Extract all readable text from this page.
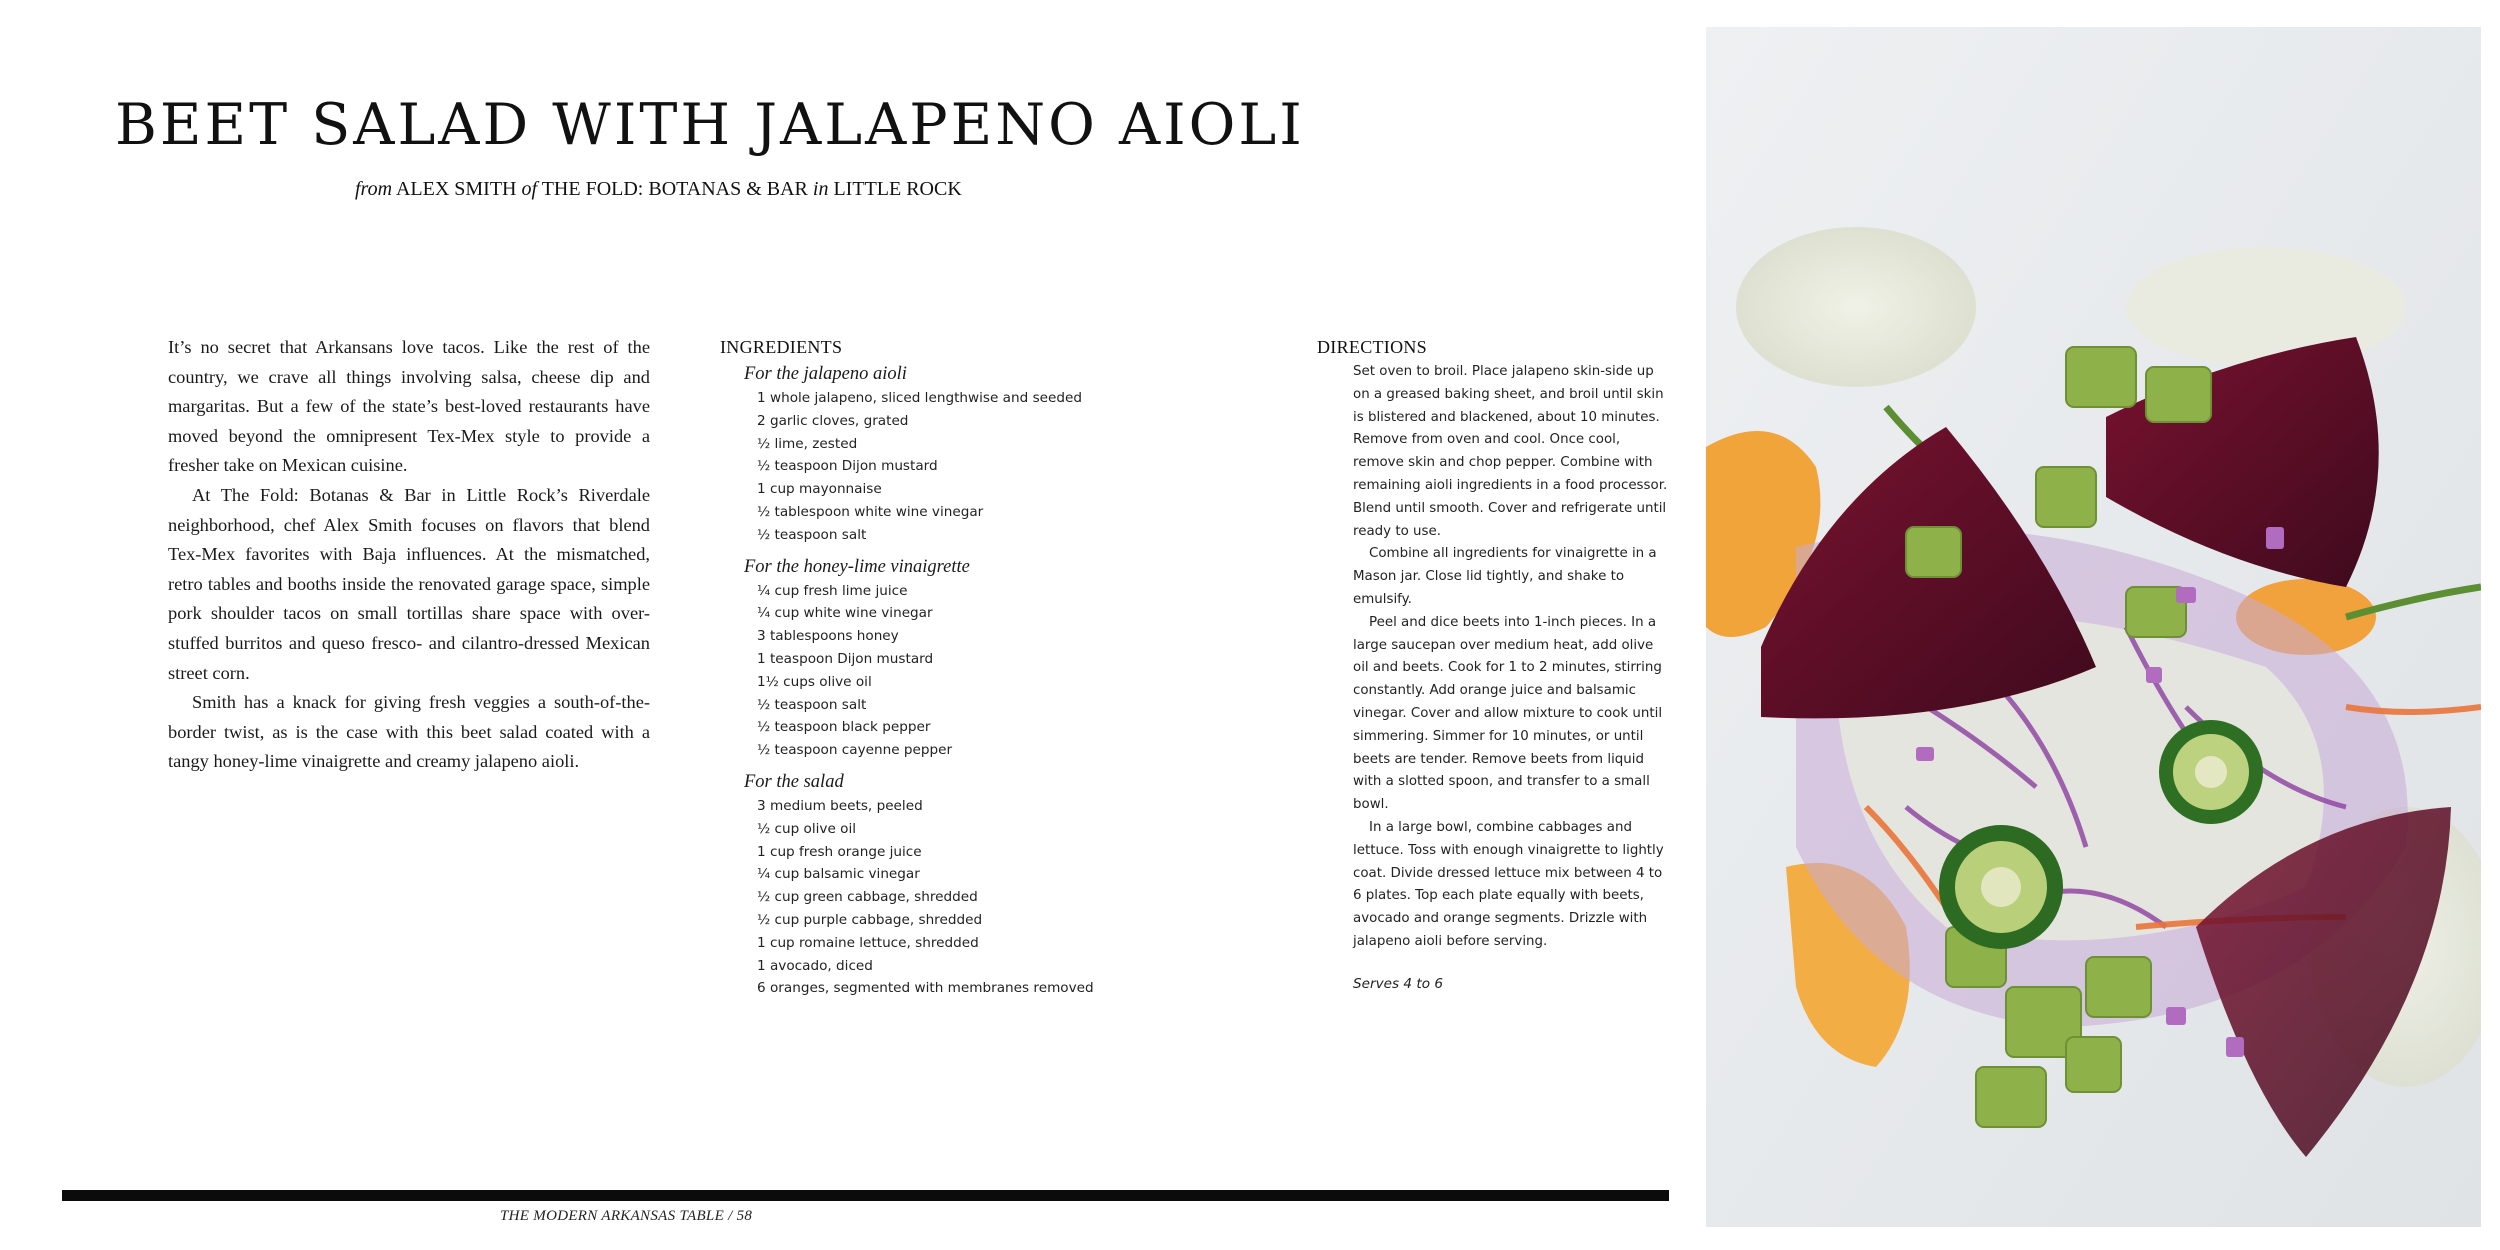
BEET SALAD WITH JALAPENO AIOLI
from ALEX SMITH of THE FOLD: BOTANAS & BAR in LITTLE ROCK

It’s no secret that Arkansans love tacos. Like the rest of the country, we crave all things involving salsa, cheese dip and margaritas. But a few of the state’s best-loved restaurants have moved beyond the omnipresent Tex-Mex style to provide a fresher take on Mexican cuisine.

At The Fold: Botanas & Bar in Little Rock’s Riverdale neighborhood, chef Alex Smith focuses on flavors that blend Tex-Mex favorites with Baja influences. At the mismatched, retro tables and booths inside the renovated garage space, simple pork shoulder tacos on small tortillas share space with over-stuffed burritos and queso fresco- and cilantro-dressed Mexican street corn.

Smith has a knack for giving fresh veggies a south-of-the-border twist, as is the case with this beet salad coated with a tangy honey-lime vinaigrette and creamy jalapeno aioli.

INGREDIENTS
For the jalapeno aioli
1 whole jalapeno, sliced lengthwise and seeded
2 garlic cloves, grated
½ lime, zested
½ teaspoon Dijon mustard
1 cup mayonnaise
½ tablespoon white wine vinegar
½ teaspoon salt
For the honey-lime vinaigrette
¼ cup fresh lime juice
¼ cup white wine vinegar
3 tablespoons honey
1 teaspoon Dijon mustard
1½ cups olive oil
½ teaspoon salt
½ teaspoon black pepper
½ teaspoon cayenne pepper
For the salad
3 medium beets, peeled
½ cup olive oil
1 cup fresh orange juice
¼ cup balsamic vinegar
½ cup green cabbage, shredded
½ cup purple cabbage, shredded
1 cup romaine lettuce, shredded
1 avocado, diced
6 oranges, segmented with membranes removed
DIRECTIONS

Set oven to broil. Place jalapeno skin-side up on a greased baking sheet, and broil until skin is blistered and blackened, about 10 minutes. Remove from oven and cool. Once cool, remove skin and chop pepper. Combine with remaining aioli ingredients in a food processor. Blend until smooth. Cover and refrigerate until ready to use.

Combine all ingredients for vinaigrette in a Mason jar. Close lid tightly, and shake to emulsify.

Peel and dice beets into 1-inch pieces. In a large saucepan over medium heat, add olive oil and beets. Cook for 1 to 2 minutes, stirring constantly. Add orange juice and balsamic vinegar. Cover and allow mixture to cook until simmering. Simmer for 10 minutes, or until beets are tender. Remove beets from liquid with a slotted spoon, and transfer to a small bowl.

In a large bowl, combine cabbages and lettuce. Toss with enough vinaigrette to lightly coat. Divide dressed lettuce mix between 4 to 6 plates. Top each plate equally with beets, avocado and orange segments. Drizzle with jalapeno aioli before serving.

Serves 4 to 6
THE MODERN ARKANSAS TABLE / 58
